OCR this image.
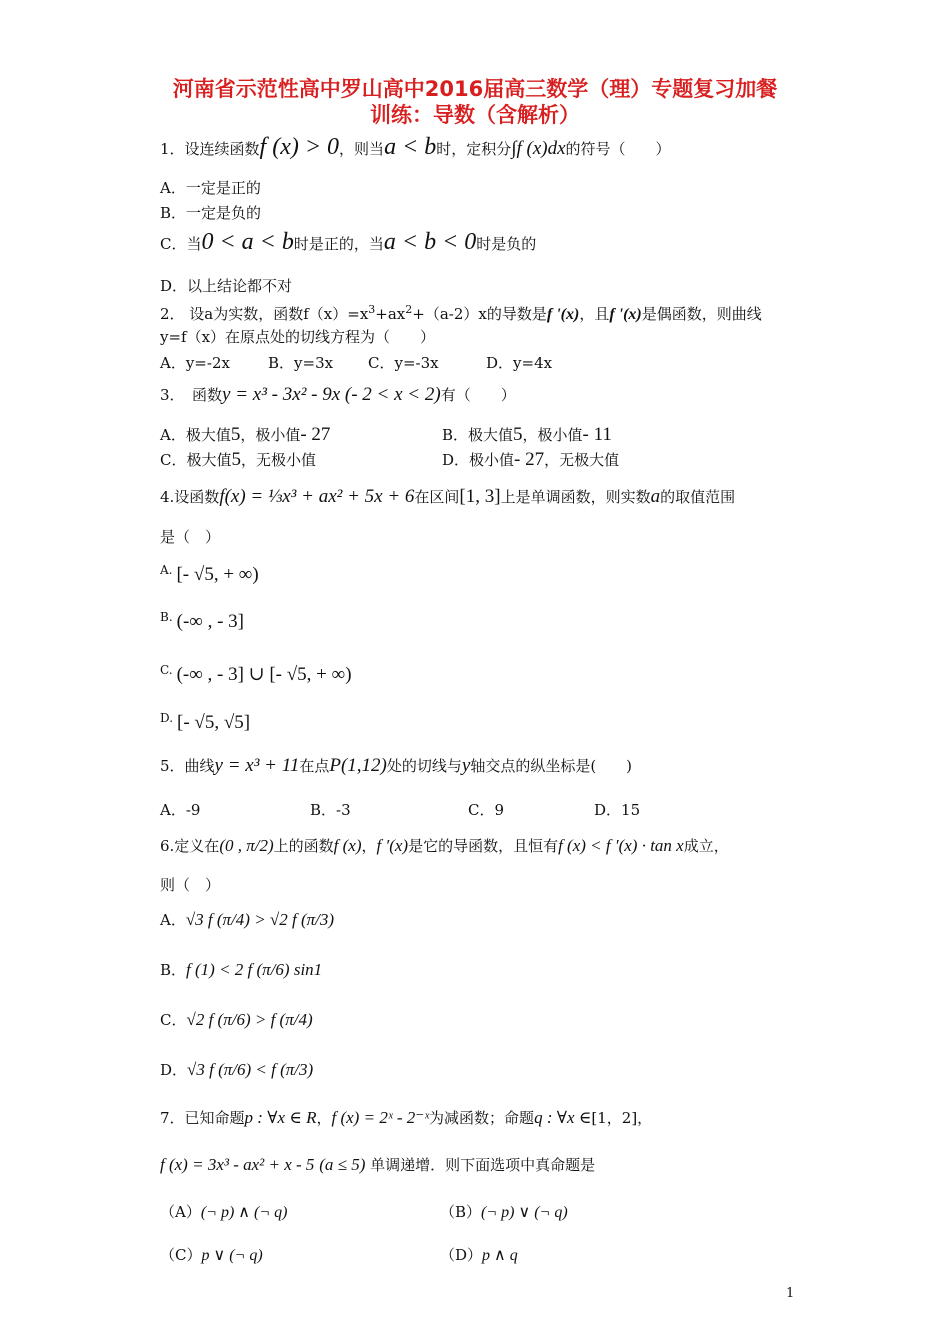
河南省示范性高中罗山高中2016届高三数学（理）专题复习加餐
训练：导数（含解析）
1．设连续函数f (x) > 0，则当a < b时，定积分∫f (x)dx的符号（　　）
A．一定是正的
B．一定是负的
C．当0 < a < b时是正的，当a < b < 0时是负的
D．以上结论都不对
2． 设a为实数，函数$f(x)=x^3+ax^2+(a-2)x$的导数是f '(x)，且f '(x)是偶函数，则曲线
y=f（x）在原点处的切线方程为（　　）
A．y=-2x	B．y=3x C．y=-3x	D．y=4x
3．　函数y = x³ - 3x² - 9x (- 2 < x < 2)有（　　）
A．极大值5，极小值- 27	B．极大值5，极小值- 11
C．极大值5，无极小值	D．极小值- 27，无极大值
4.设函数f(x) = ⅓x³ + ax² + 5x + 6在区间[1, 3]上是单调函数，则实数a的取值范围
是（　）
$^{A.}$ [- √5, + ∞)
$^{B.}$ (-∞ , - 3]
$^{C.}$ (-∞ , - 3] ∪ [- √5, + ∞)
$^{D.}$ [- √5, √5]
5．曲线y = x³ + 11在点P(1,12)处的切线与y轴交点的纵坐标是(　　)
A．-9	B．-3	C．9	D．15
6.定义在(0 , π/2)上的函数f (x)，f ′(x)是它的导函数，且恒有f (x) < f ′(x) · tan x成立，
则（　）
A．√3 f (π/4) > √2 f (π/3)
B．f (1) < 2 f (π/6) sin1
C．√2 f (π/6) > f (π/4)
D．√3 f (π/6) < f (π/3)
7．已知命题p : ∀x ∈ R，f (x) = 2ˣ - 2⁻ˣ为减函数；命题q : ∀x ∈[1，2]，
f (x) = 3x³ - ax² + x - 5 (a ≤ 5) 单调递增．则下面选项中真命题是
（A）(¬ p) ∧ (¬ q)	（B）(¬ p) ∨ (¬ q)
（C）p ∨ (¬ q)	（D）p ∧ q
1
